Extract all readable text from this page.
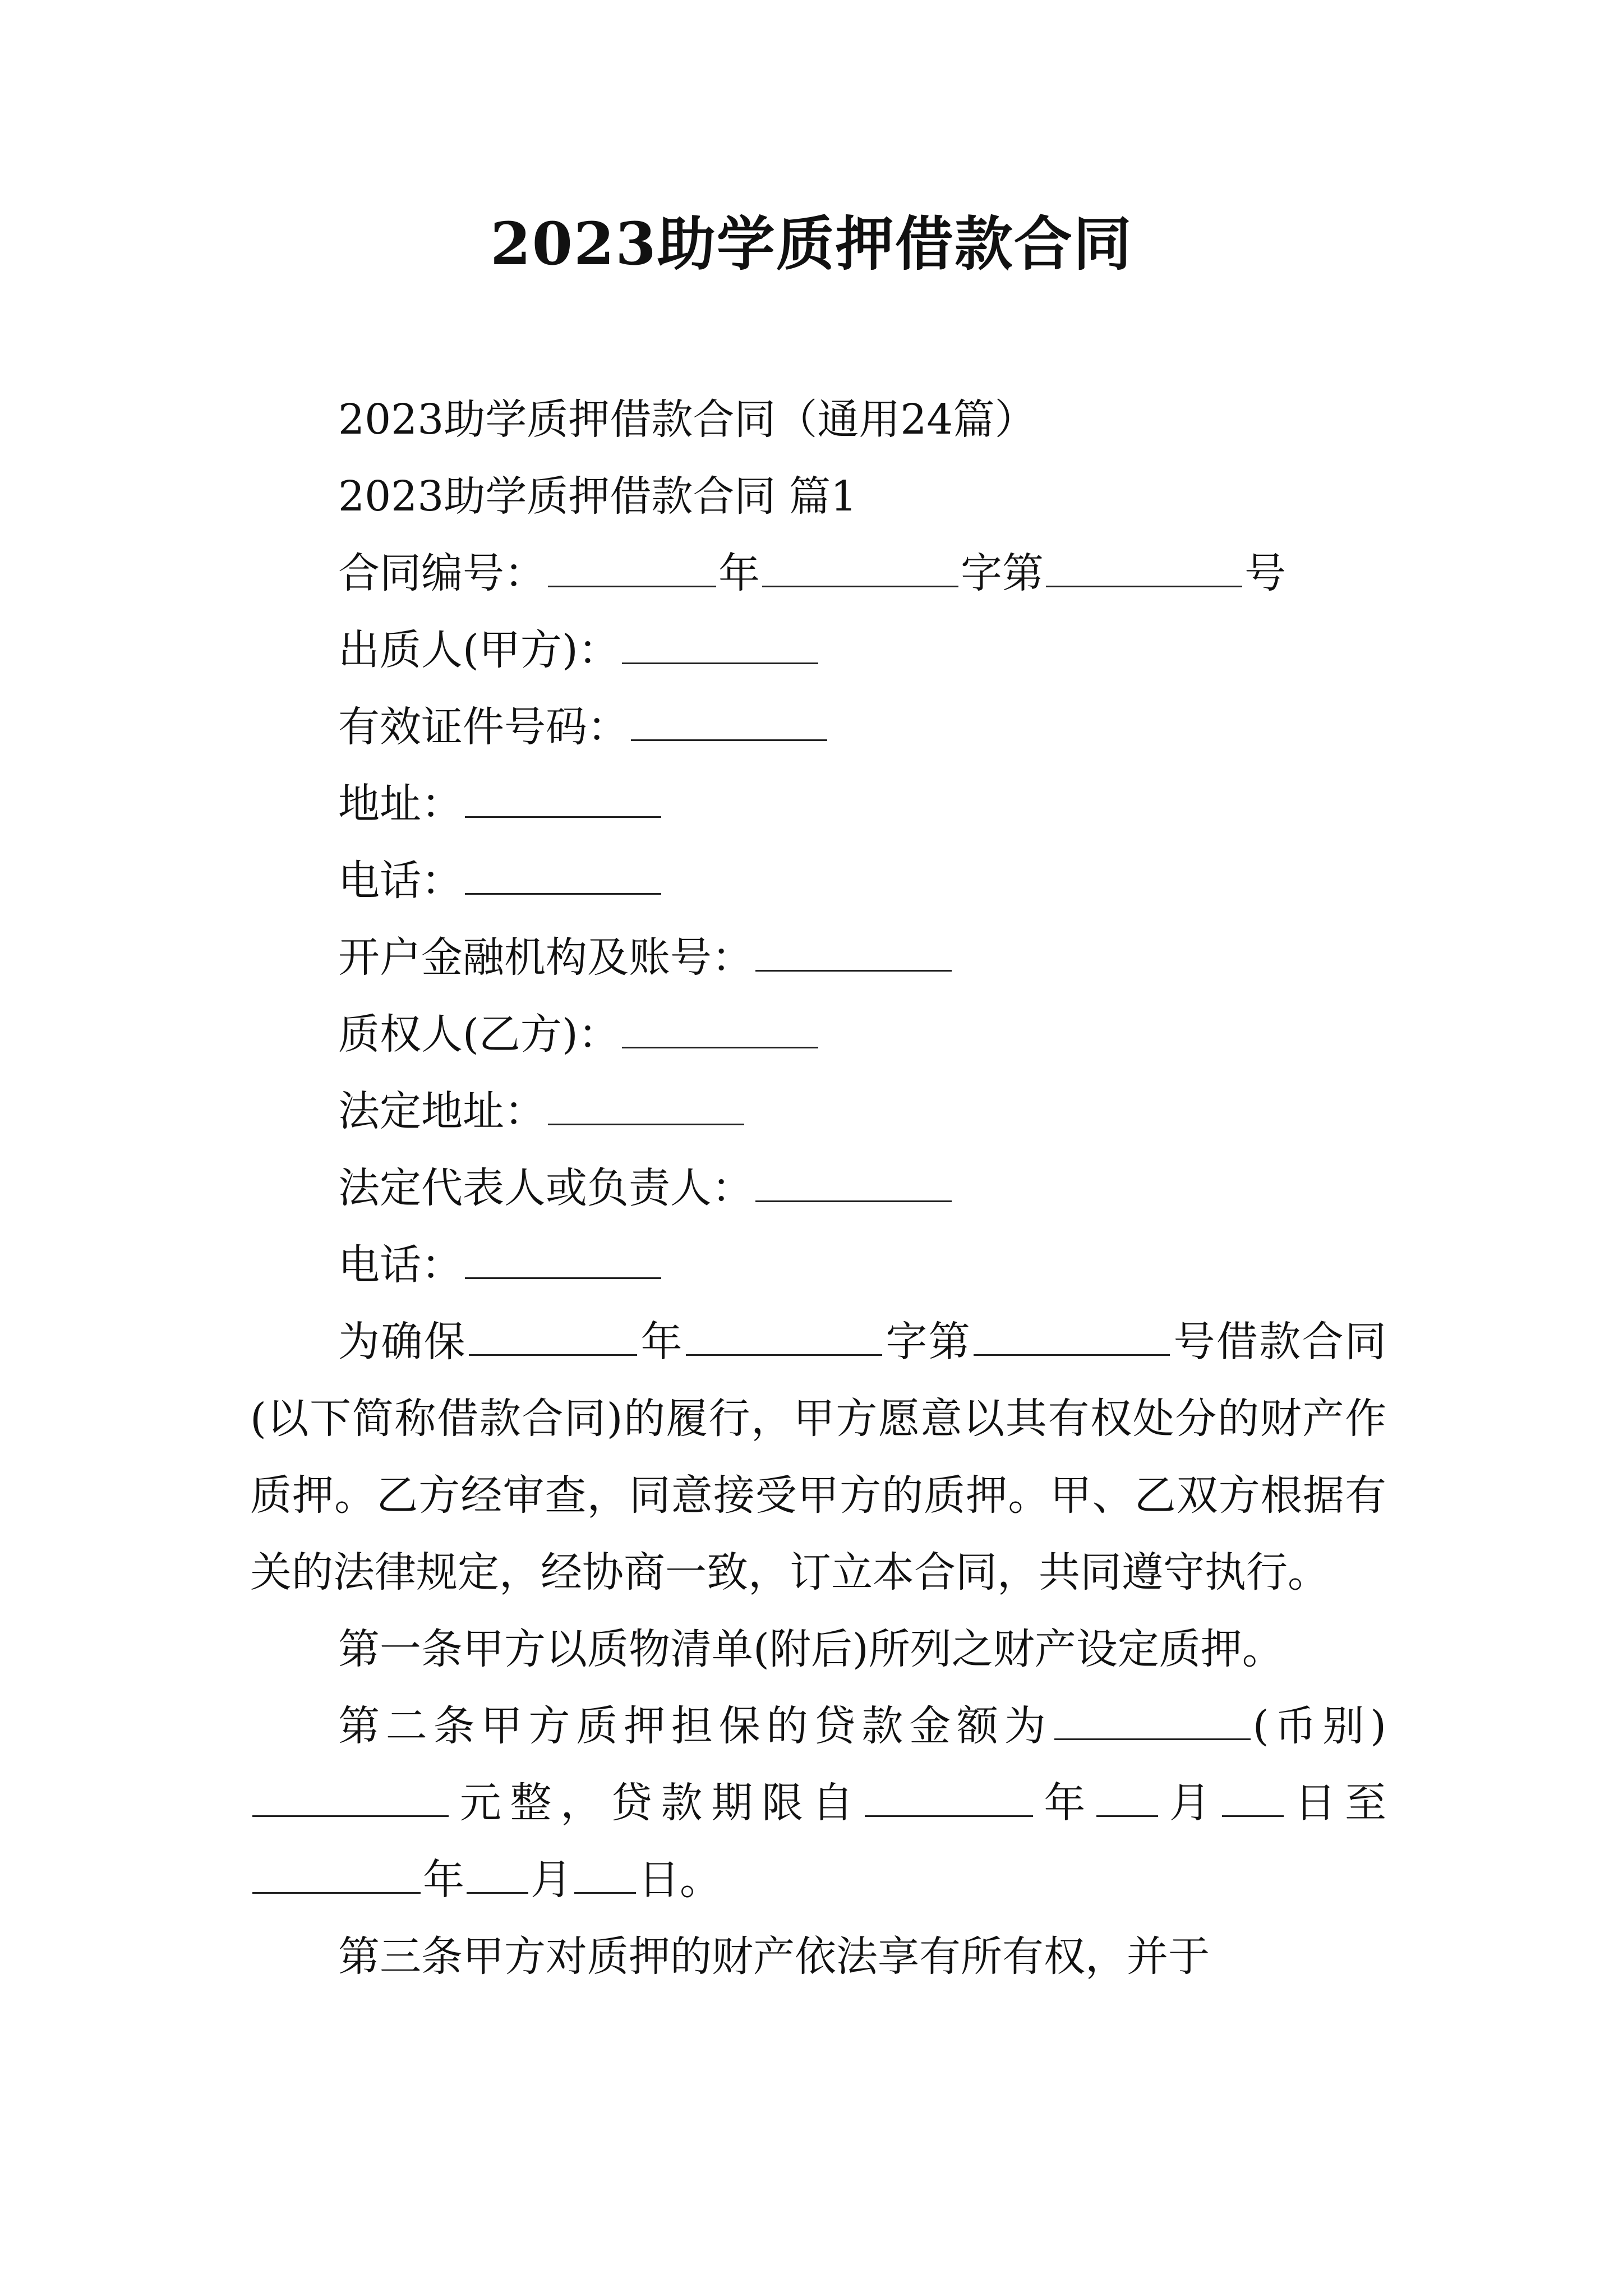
2023助学质押借款合同
2023助学质押借款合同（通用24篇）
2023助学质押借款合同 篇1
合同编号：	年	字第	号
出质人(甲方)：
有效证件号码：
地址：
电话：
开户金融机构及账号：
质权人(乙方)：
法定地址：
法定代表人或负责人：
电话：

为确保	年	字第	号借款合同(以下简称借款合同)的履行，甲方愿意以其有权处分的财产作质押。乙方经审查，同意接受甲方的质押。甲、乙双方根据有关的法律规定，经协商一致，订立本合同，共同遵守执行。

第一条甲方以质物清单(附后)所列之财产设定质押。

第二条甲方质押担保的贷款金额为	(币别)元整，贷款期限自	年 月 日至年 月 日。

第三条甲方对质押的财产依法享有所有权，并于
